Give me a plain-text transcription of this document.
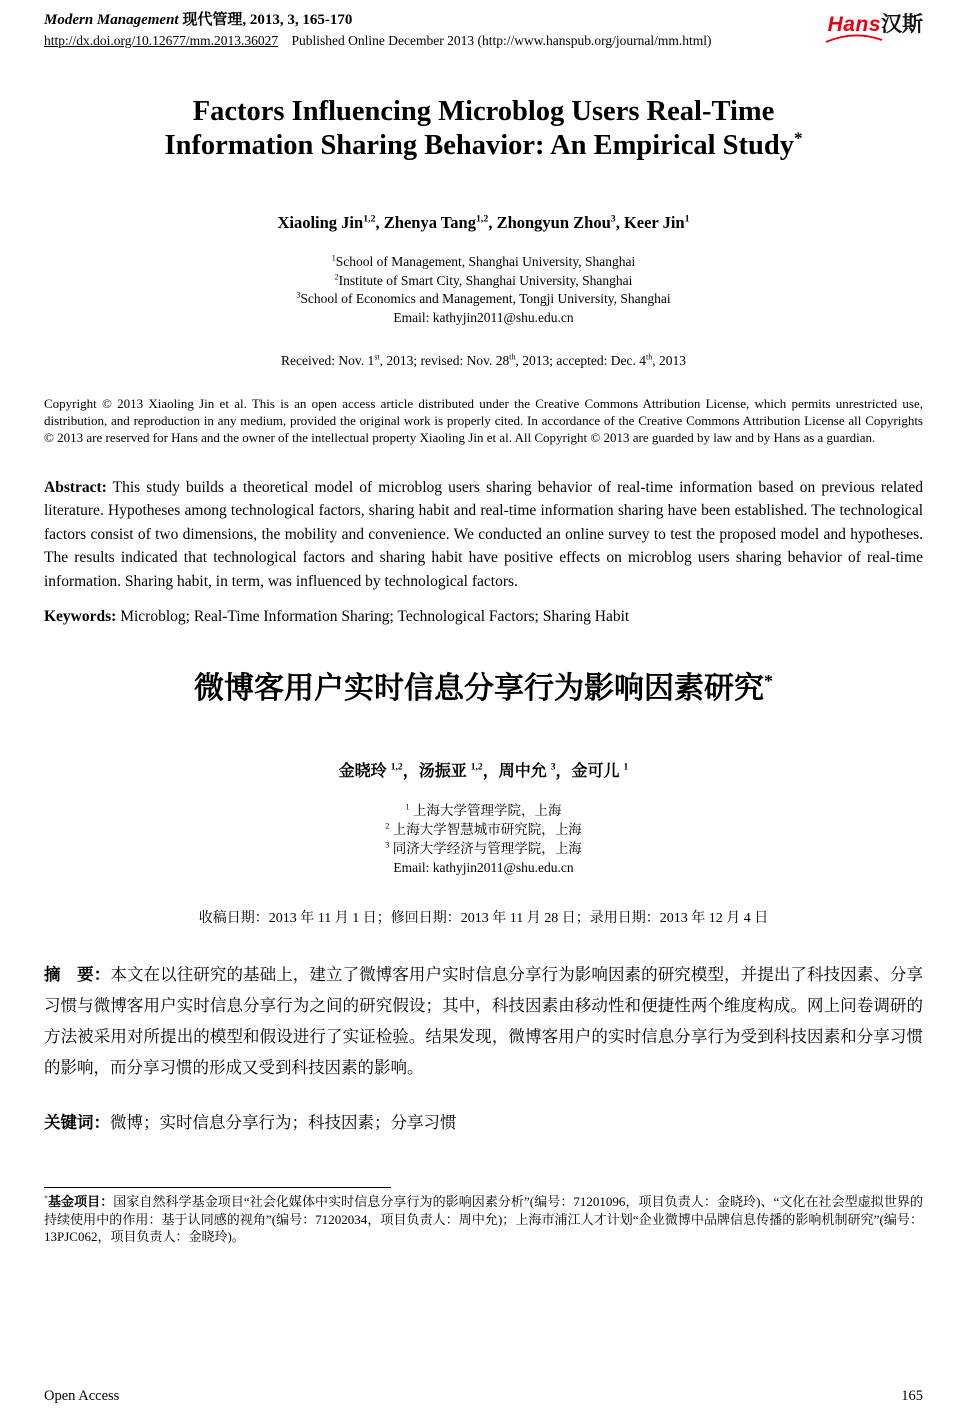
Modern Management 现代管理, 2013, 3, 165-170
http://dx.doi.org/10.12677/mm.2013.36027 Published Online December 2013 (http://www.hanspub.org/journal/mm.html)
Hans汉斯
Factors Influencing Microblog Users Real-Time
Information Sharing Behavior: An Empirical Study*
Xiaoling Jin$^{1,2}$, Zhenya Tang$^{1,2}$, Zhongyun Zhou$^3$, Keer Jin$^1$
$^1$School of Management, Shanghai University, Shanghai
$^2$Institute of Smart City, Shanghai University, Shanghai
$^3$School of Economics and Management, Tongji University, Shanghai
Email: kathyjin2011@shu.edu.cn
Received: Nov. 1st, 2013; revised: Nov. 28th, 2013; accepted: Dec. 4th, 2013

Copyright © 2013 Xiaoling Jin et al. This is an open access article distributed under the Creative Commons Attribution License, which permits unrestricted use, distribution, and reproduction in any medium, provided the original work is properly cited. In accordance of the Creative Commons Attribution License all Copyrights © 2013 are reserved for Hans and the owner of the intellectual property Xiaoling Jin et al. All Copyright © 2013 are guarded by law and by Hans as a guardian.

Abstract: This study builds a theoretical model of microblog users sharing behavior of real-time information based on previous related literature. Hypotheses among technological factors, sharing habit and real-time information sharing have been established. The technological factors consist of two dimensions, the mobility and convenience. We conducted an online survey to test the proposed model and hypotheses. The results indicated that technological factors and sharing habit have positive effects on microblog users sharing behavior of real-time information. Sharing habit, in term, was influenced by technological factors.

Keywords: Microblog; Real-Time Information Sharing; Technological Factors; Sharing Habit

微博客用户实时信息分享行为影响因素研究*
金晓玲 $^{1,2}$，汤振亚 $^{1,2}$，周中允 $^3$，金可儿 $^1$
$^1$ 上海大学管理学院，上海
$^2$ 上海大学智慧城市研究院，上海
$^3$ 同济大学经济与管理学院，上海
Email: kathyjin2011@shu.edu.cn
收稿日期：2013 年 11 月 1 日；修回日期：2013 年 11 月 28 日；录用日期：2013 年 12 月 4 日

摘　要：本文在以往研究的基础上，建立了微博客用户实时信息分享行为影响因素的研究模型，并提出了科技因素、分享习惯与微博客用户实时信息分享行为之间的研究假设；其中，科技因素由移动性和便捷性两个维度构成。网上问卷调研的方法被采用对所提出的模型和假设进行了实证检验。结果发现，微博客用户的实时信息分享行为受到科技因素和分享习惯的影响，而分享习惯的形成又受到科技因素的影响。

关键词：微博；实时信息分享行为；科技因素；分享习惯

*基金项目：国家自然科学基金项目“社会化媒体中实时信息分享行为的影响因素分析”(编号：71201096，项目负责人：金晓玲)、“文化在社会型虚拟世界的持续使用中的作用：基于认同感的视角”(编号：71202034，项目负责人：周中允)；上海市浦江人才计划“企业微博中品牌信息传播的影响机制研究”(编号：13PJC062，项目负责人：金晓玲)。

Open Access	165
